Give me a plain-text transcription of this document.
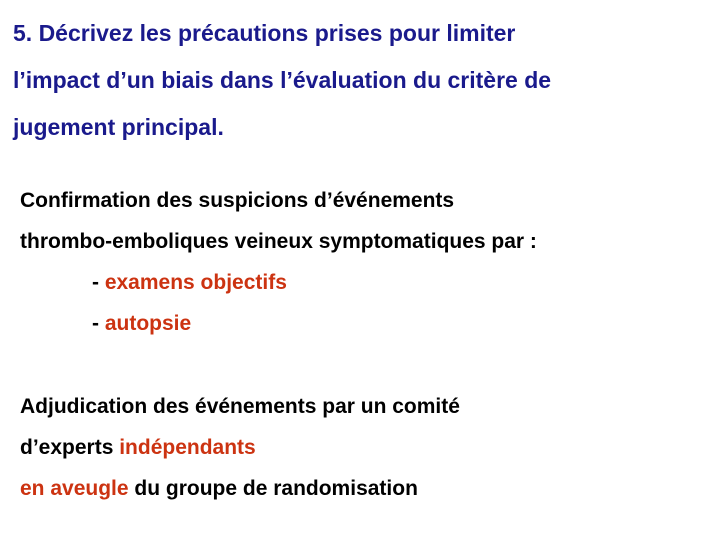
5. Décrivez les précautions prises pour limiter
l’impact d’un biais dans l’évaluation du critère de
jugement principal.
Confirmation des suspicions d’événements
thrombo-emboliques veineux symptomatiques par :
- examens objectifs
- autopsie
Adjudication des événements par un comité
d’experts indépendants
en aveugle du groupe de randomisation
